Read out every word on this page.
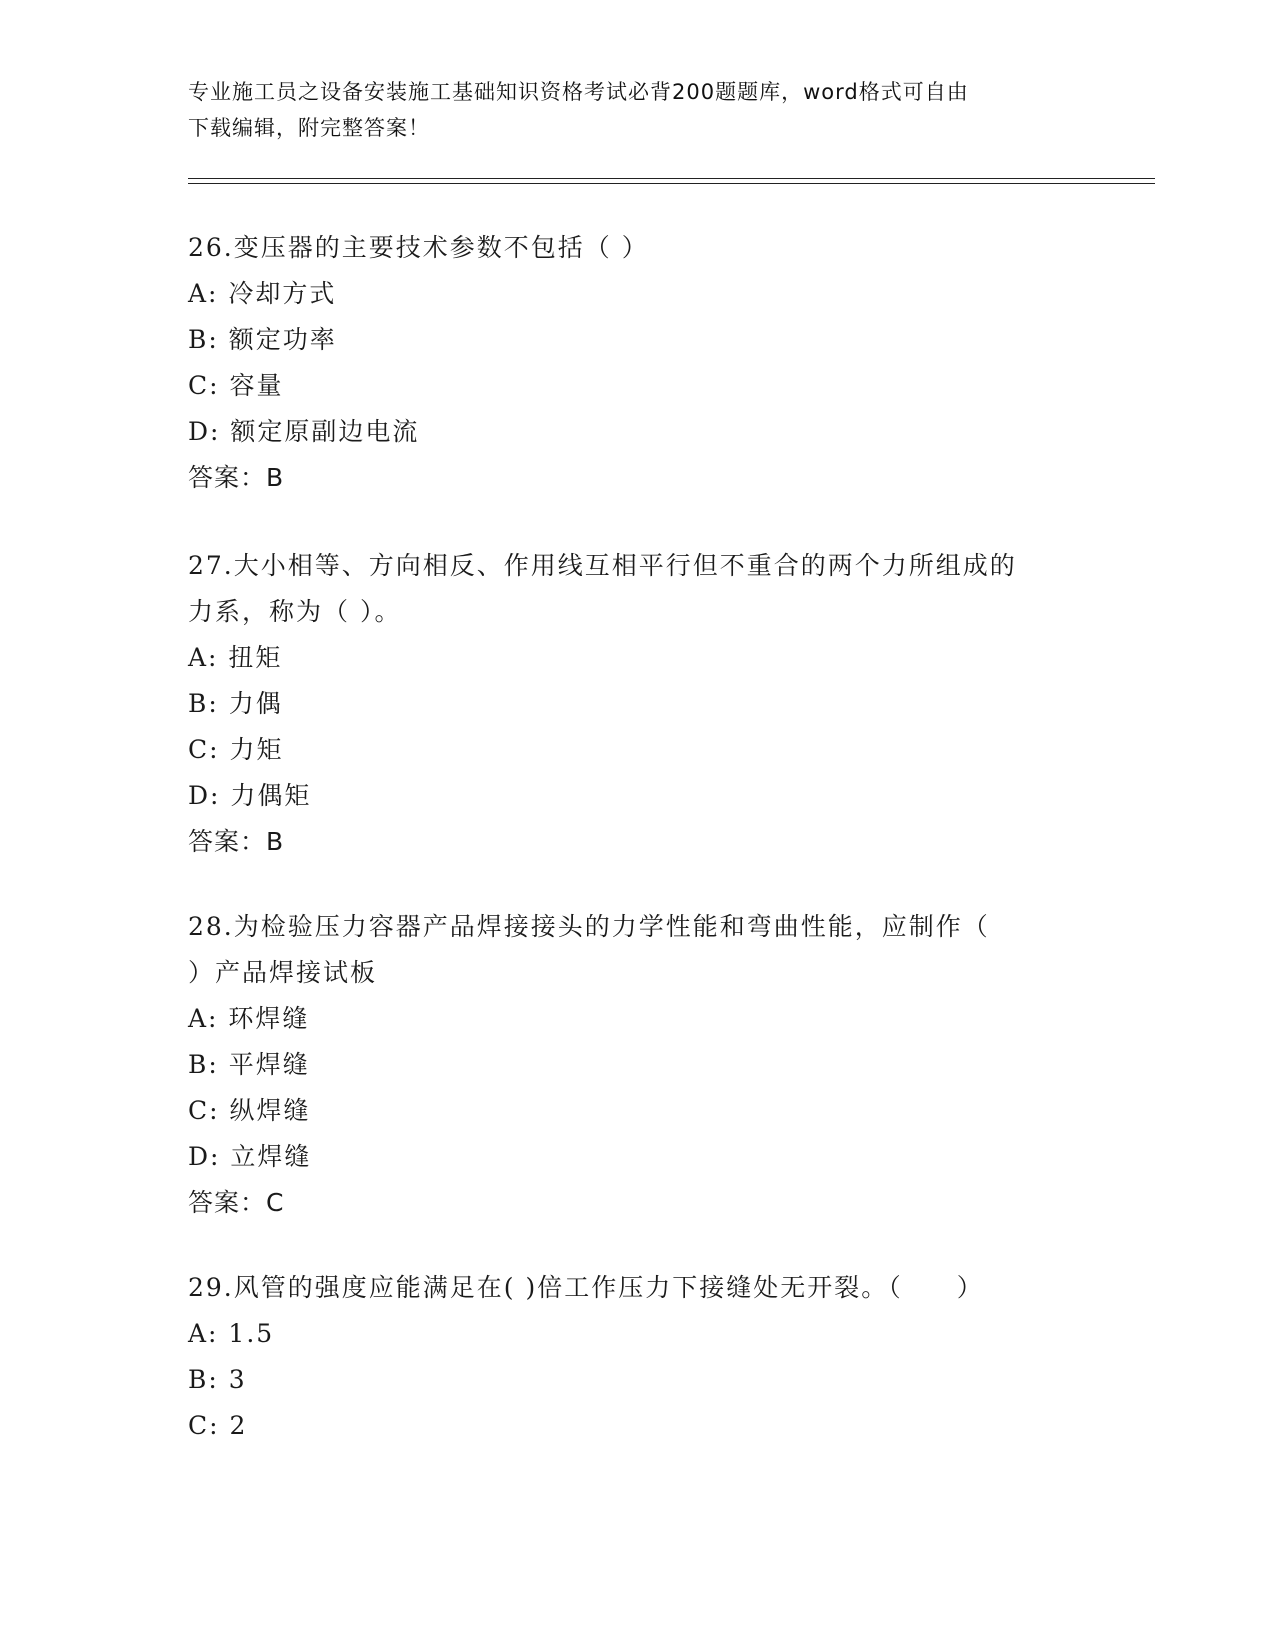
专业施工员之设备安装施工基础知识资格考试必背200题题库，word格式可自由
下载编辑，附完整答案！
26.变压器的主要技术参数不包括（ ）
A: 冷却方式
B: 额定功率
C: 容量
D: 额定原副边电流
答案：B
27.大小相等、方向相反、作用线互相平行但不重合的两个力所组成的
力系，称为（ ）。
A: 扭矩
B: 力偶
C: 力矩
D: 力偶矩
答案：B
28.为检验压力容器产品焊接接头的力学性能和弯曲性能，应制作（
）产品焊接试板
A: 环焊缝
B: 平焊缝
C: 纵焊缝
D: 立焊缝
答案：C
29.风管的强度应能满足在( )倍工作压力下接缝处无开裂。（　　）
A: 1.5
B: 3
C: 2
